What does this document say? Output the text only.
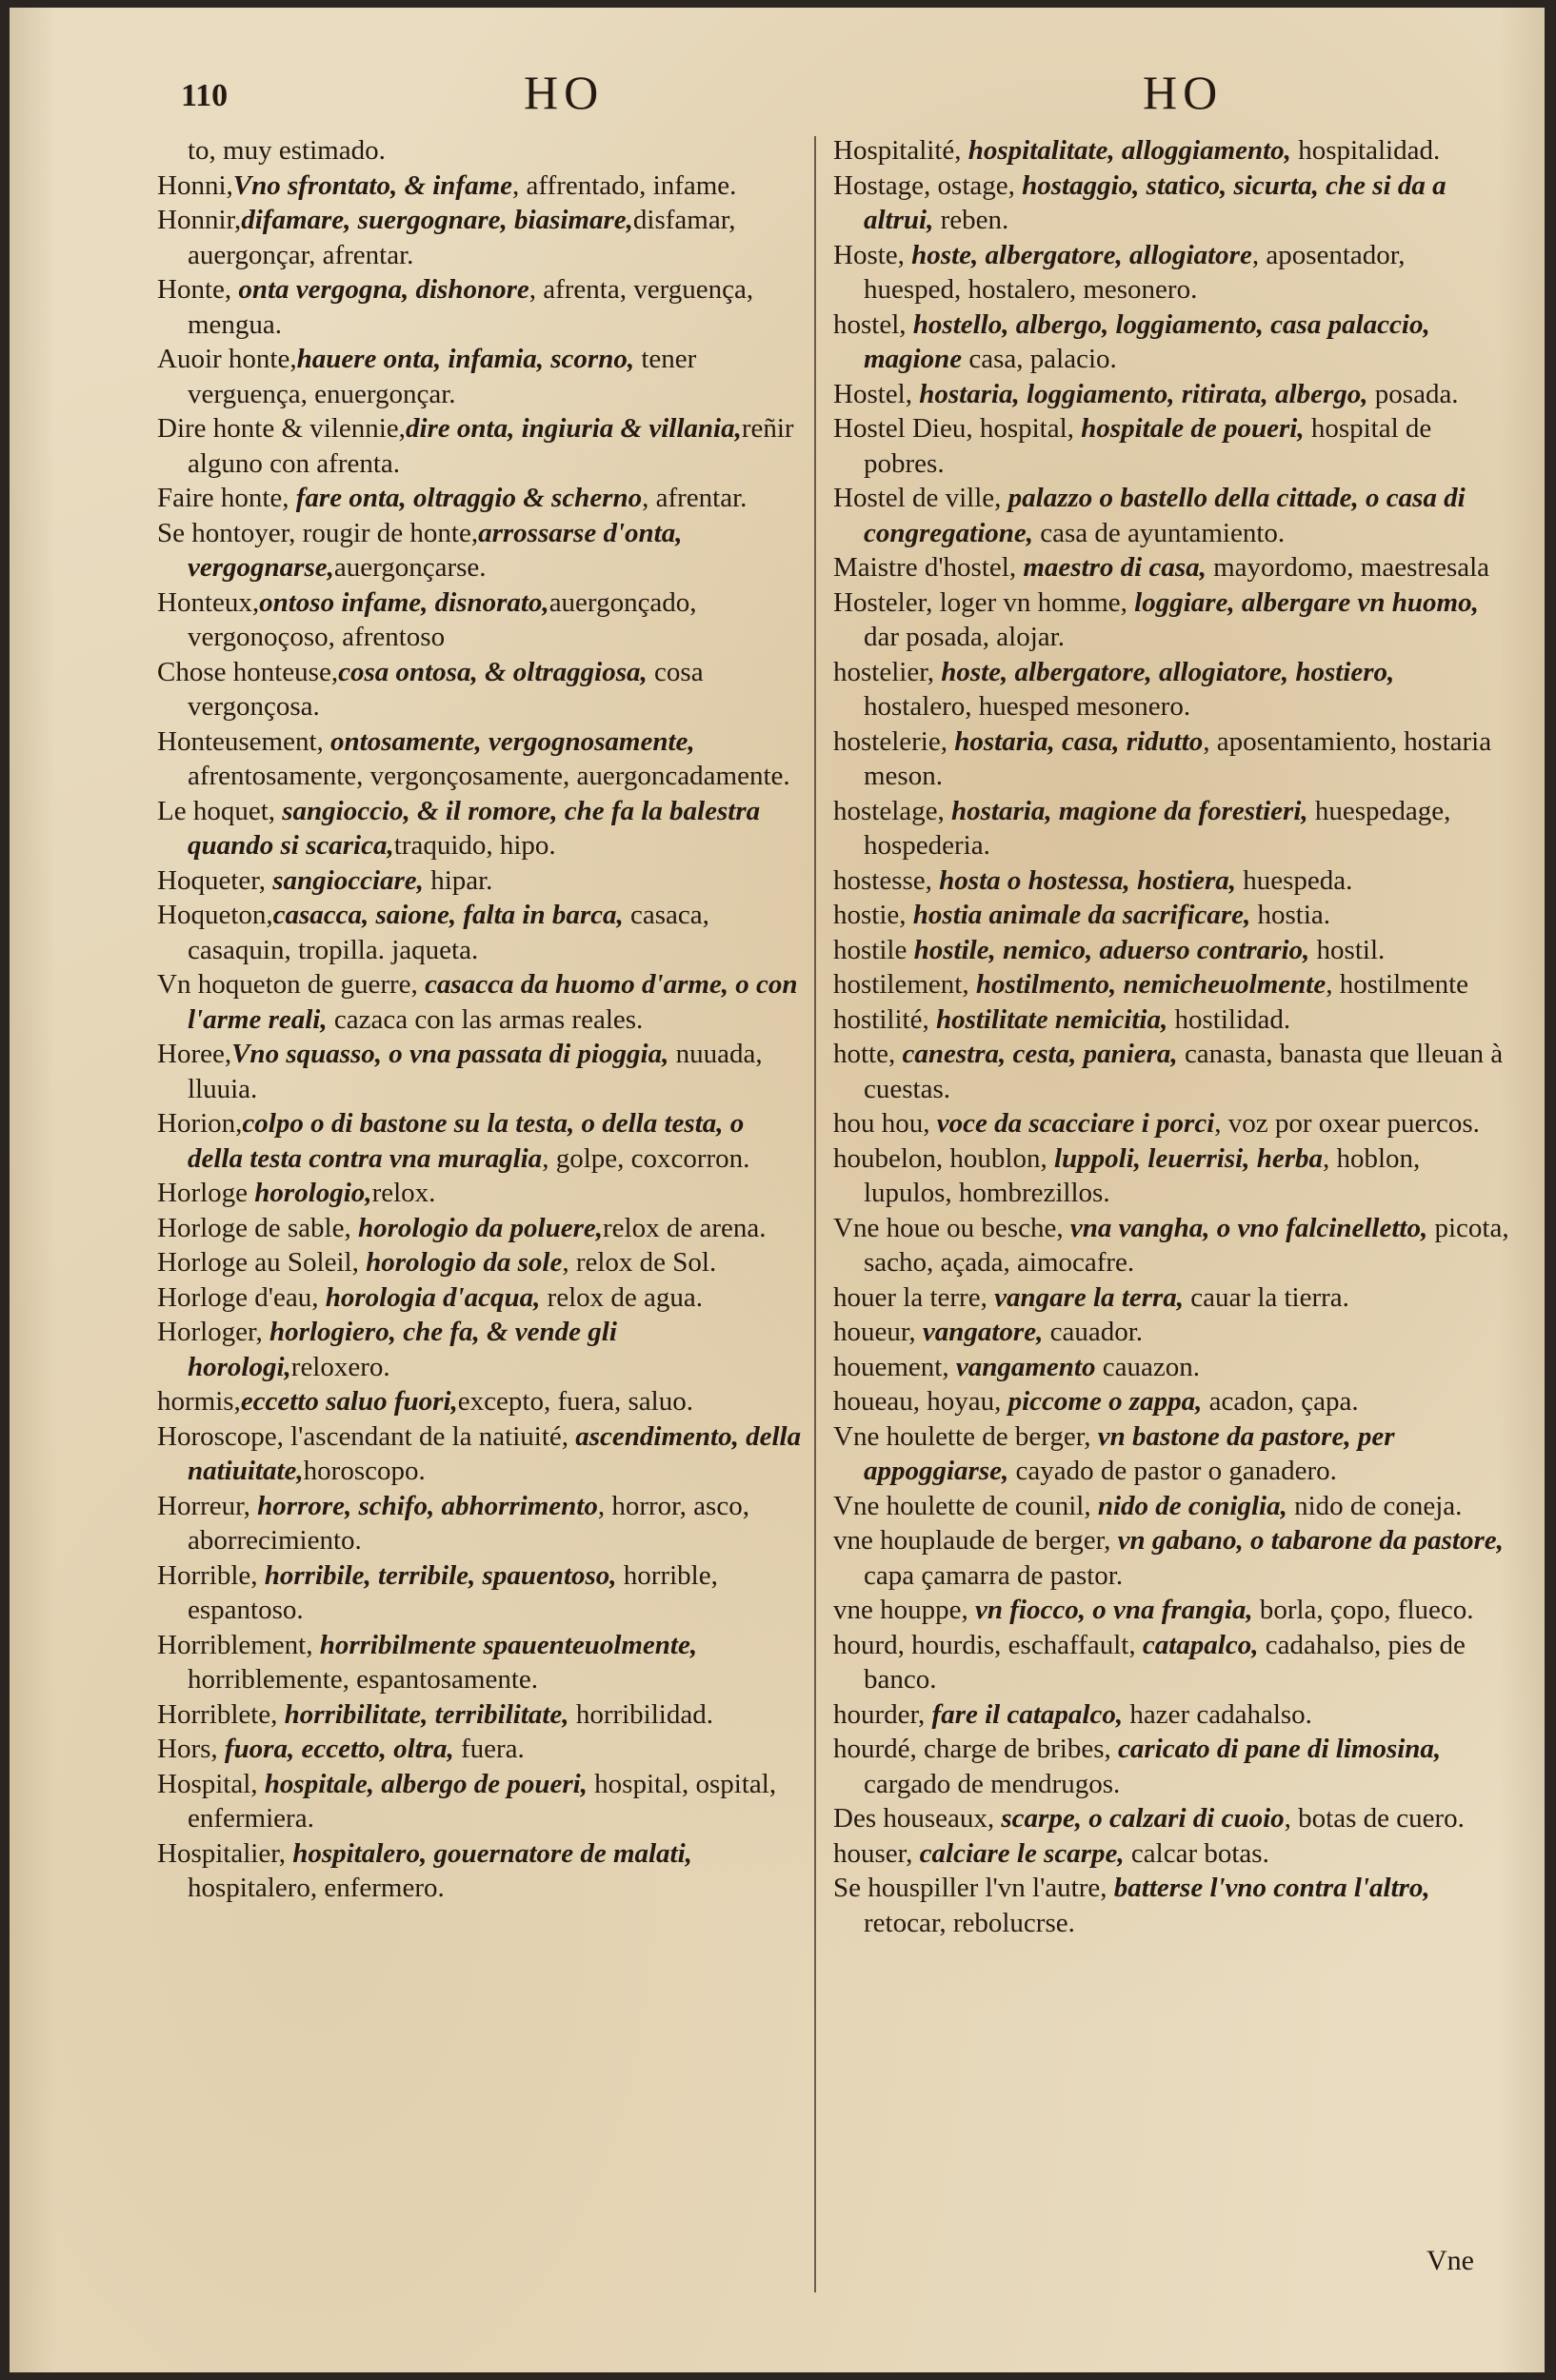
110	HO	HO

to, muy estimado.

Honni,Vno sfrontato, & infame, affrentado, infame.

Honnir,difamare, suergognare, biasimare,disfamar, auergonçar, afrentar.

Honte, onta vergogna, dishonore, afrenta, verguença, mengua.

Auoir honte,hauere onta, infamia, scorno, tener verguença, enuergonçar.

Dire honte & vilennie,dire onta, ingiuria & villania,reñir alguno con afrenta.

Faire honte, fare onta, oltraggio & scherno, afrentar.

Se hontoyer, rougir de honte,arrossarse d'onta, vergognarse,auergonçarse.

Honteux,ontoso infame, disnorato,auergonçado, vergonoçoso, afrentoso

Chose honteuse,cosa ontosa, & oltraggiosa, cosa vergonçosa.

Honteusement, ontosamente, vergognosamente, afrentosamente, vergonçosamente, auergoncadamente.

Le hoquet, sangioccio, & il romore, che fa la balestra quando si scarica,traquido, hipo.

Hoqueter, sangiocciare, hipar.

Hoqueton,casacca, saione, falta in barca, casaca, casaquin, tropilla. jaqueta.

Vn hoqueton de guerre, casacca da huomo d'arme, o con l'arme reali, cazaca con las armas reales.

Horee,Vno squasso, o vna passata di pioggia, nuuada, lluuia.

Horion,colpo o di bastone su la testa, o della testa, o della testa contra vna muraglia, golpe, coxcorron.

Horloge horologio,relox.

Horloge de sable, horologio da poluere,relox de arena.

Horloge au Soleil, horologio da sole, relox de Sol.

Horloge d'eau, horologia d'acqua, relox de agua.

Horloger, horlogiero, che fa, & vende gli horologi,reloxero.

hormis,eccetto saluo fuori,excepto, fuera, saluo.

Horoscope, l'ascendant de la natiuité, ascendimento, della natiuitate,horoscopo.

Horreur, horrore, schifo, abhorrimento, horror, asco, aborrecimiento.

Horrible, horribile, terribile, spauentoso, horrible, espantoso.

Horriblement, horribilmente spauenteuolmente, horriblemente, espantosamente.

Horriblete, horribilitate, terribilitate, horribilidad.

Hors, fuora, eccetto, oltra, fuera.

Hospital, hospitale, albergo de poueri, hospital, ospital, enfermiera.

Hospitalier, hospitalero, gouernatore de malati, hospitalero, enfermero.

Hospitalité, hospitalitate, alloggiamento, hospitalidad.

Hostage, ostage, hostaggio, statico, sicurta, che si da a altrui, reben.

Hoste, hoste, albergatore, allogiatore, aposentador, huesped, hostalero, mesonero.

hostel, hostello, albergo, loggiamento, casa palaccio, magione casa, palacio.

Hostel, hostaria, loggiamento, ritirata, albergo, posada.

Hostel Dieu, hospital, hospitale de poueri, hospital de pobres.

Hostel de ville, palazzo o bastello della cittade, o casa di congregatione, casa de ayuntamiento.

Maistre d'hostel, maestro di casa, mayordomo, maestresala

Hosteler, loger vn homme, loggiare, albergare vn huomo, dar posada, alojar.

hostelier, hoste, albergatore, allogiatore, hostiero, hostalero, huesped mesonero.

hostelerie, hostaria, casa, ridutto, aposentamiento, hostaria meson.

hostelage, hostaria, magione da forestieri, huespedage, hospederia.

hostesse, hosta o hostessa, hostiera, huespeda.

hostie, hostia animale da sacrificare, hostia.

hostile hostile, nemico, aduerso contrario, hostil.

hostilement, hostilmento, nemicheuolmente, hostilmente

hostilité, hostilitate nemicitia, hostilidad.

hotte, canestra, cesta, paniera, canasta, banasta que lleuan à cuestas.

hou hou, voce da scacciare i porci, voz por oxear puercos.

houbelon, houblon, luppoli, leuerrisi, herba, hoblon, lupulos, hombrezillos.

Vne houe ou besche, vna vangha, o vno falcinelletto, picota, sacho, açada, aimocafre.

houer la terre, vangare la terra, cauar la tierra.

houeur, vangatore, cauador.

houement, vangamento cauazon.

houeau, hoyau, piccome o zappa, acadon, çapa.

Vne houlette de berger, vn bastone da pastore, per appoggiarse, cayado de pastor o ganadero.

Vne houlette de counil, nido de coniglia, nido de coneja.

vne houplaude de berger, vn gabano, o tabarone da pastore, capa çamarra de pastor.

vne houppe, vn fiocco, o vna frangia, borla, çopo, flueco.

hourd, hourdis, eschaffault, catapalco, cadahalso, pies de banco.

hourder, fare il catapalco, hazer cadahalso.

hourdé, charge de bribes, caricato di pane di limosina, cargado de mendrugos.

Des houseaux, scarpe, o calzari di cuoio, botas de cuero.

houser, calciare le scarpe, calcar botas.

Se houspiller l'vn l'autre, batterse l'vno contra l'altro, retocar, rebolucrse.

Vne
